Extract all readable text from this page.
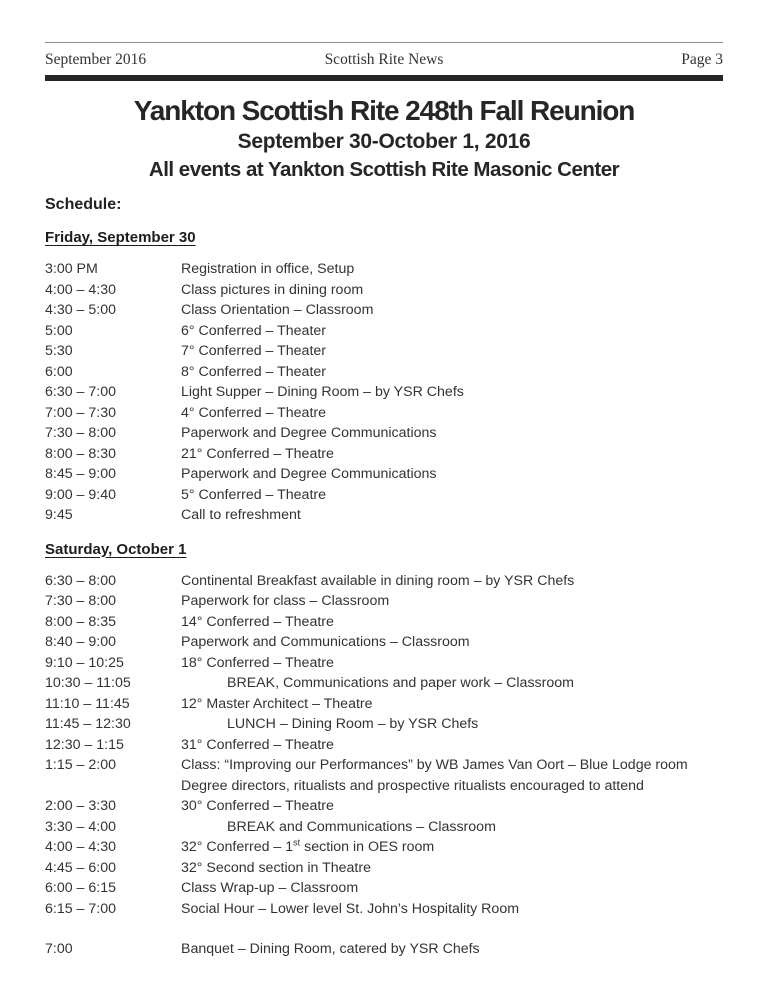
September 2016	Scottish Rite News	Page 3
Yankton Scottish Rite 248th Fall Reunion
September 30-October 1, 2016
All events at Yankton Scottish Rite Masonic Center
Schedule:
Friday, September 30
3:00 PM	Registration in office, Setup
4:00 – 4:30	Class pictures in dining room
4:30 – 5:00	Class Orientation – Classroom
5:00	6° Conferred – Theater
5:30	7° Conferred – Theater
6:00	8° Conferred – Theater
6:30 – 7:00	Light Supper – Dining Room – by YSR Chefs
7:00 – 7:30	4° Conferred – Theatre
7:30 – 8:00	Paperwork and Degree Communications
8:00 – 8:30	21° Conferred – Theatre
8:45 – 9:00	Paperwork and Degree Communications
9:00 – 9:40	5° Conferred – Theatre
9:45	Call to refreshment
Saturday, October 1
6:30 – 8:00	Continental Breakfast available in dining room – by YSR Chefs
7:30 – 8:00	Paperwork for class – Classroom
8:00 – 8:35	14° Conferred – Theatre
8:40 – 9:00	Paperwork and Communications – Classroom
9:10 – 10:25	18° Conferred – Theatre
10:30 – 11:05	BREAK, Communications and paper work – Classroom
11:10 – 11:45	12° Master Architect – Theatre
11:45 – 12:30	LUNCH – Dining Room – by YSR Chefs
12:30 – 1:15	31° Conferred – Theatre
1:15 – 2:00	Class: “Improving our Performances” by WB James Van Oort – Blue Lodge room
Degree directors, ritualists and prospective ritualists encouraged to attend
2:00 – 3:30	30° Conferred – Theatre
3:30 – 4:00	BREAK and Communications – Classroom
4:00 – 4:30	32° Conferred – 1st section in OES room
4:45 – 6:00	32° Second section in Theatre
6:00 – 6:15	Class Wrap-up – Classroom
6:15 – 7:00	Social Hour – Lower level St. John’s Hospitality Room
7:00	Banquet – Dining Room, catered by YSR Chefs
